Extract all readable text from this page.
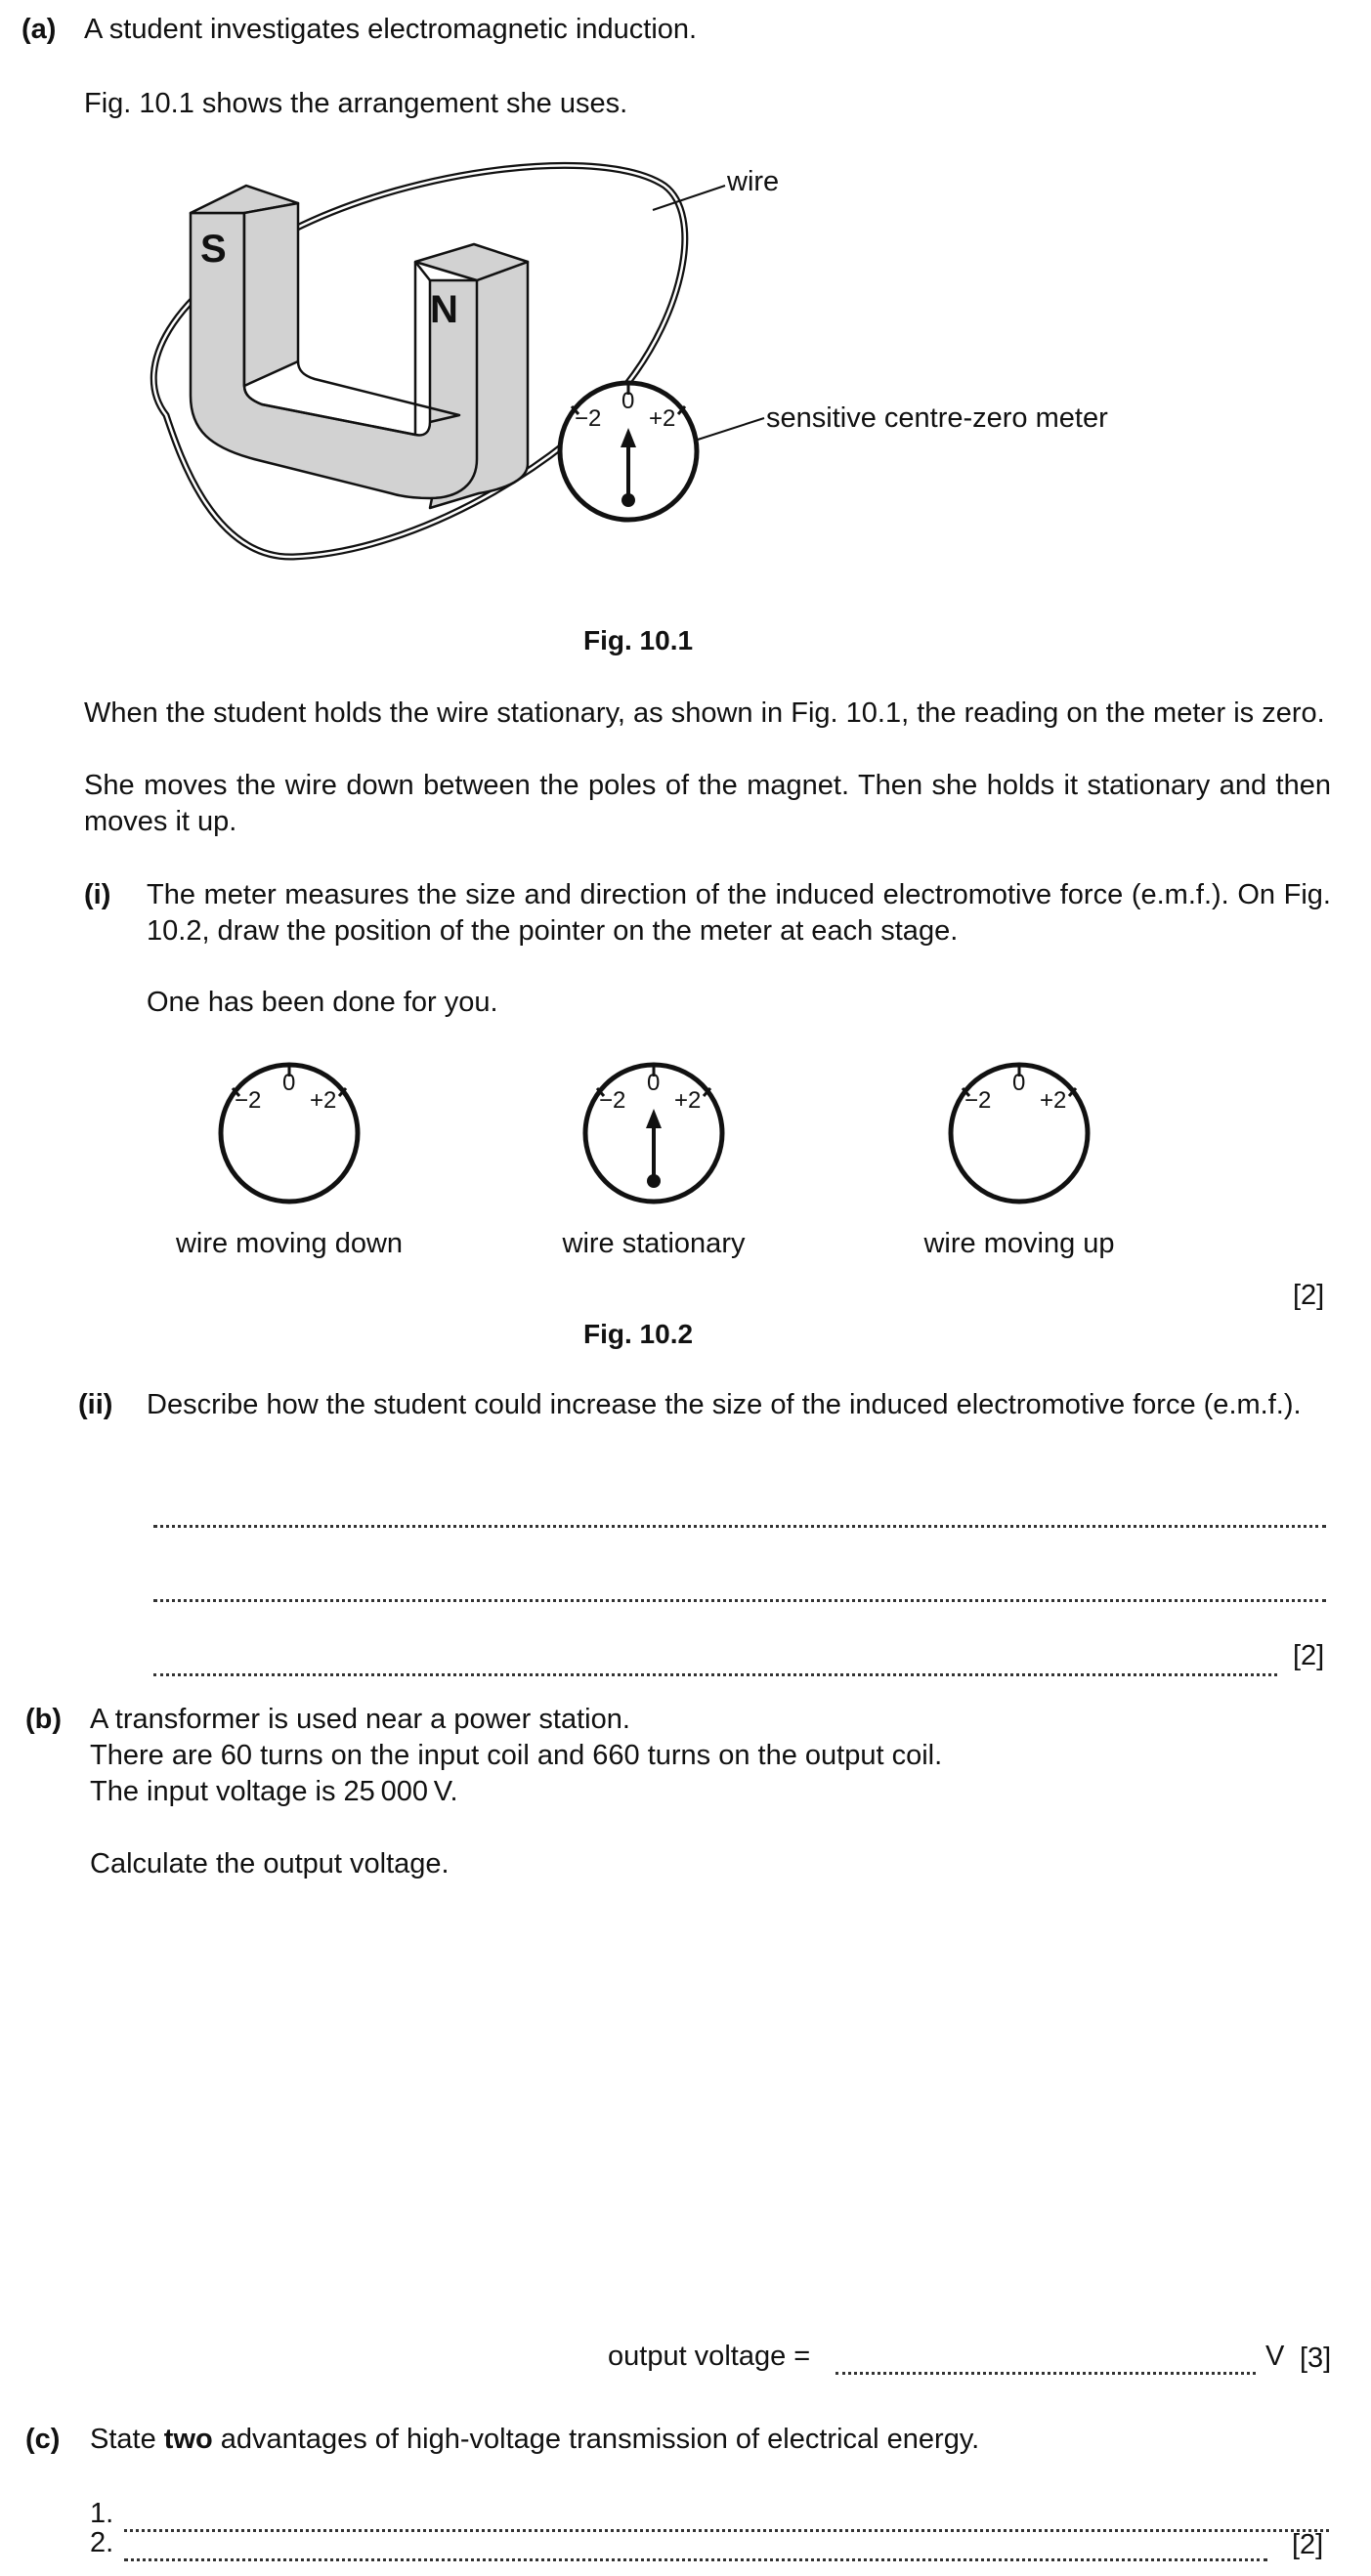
(a) A student investigates electromagnetic induction.
Fig. 10.1 shows the arrangement she uses.
S
N
−2
0
+2
wire
sensitive centre-zero meter
Fig. 10.1
When the student holds the wire stationary, as shown in Fig. 10.1, the reading on the meter is zero.
She moves the wire down between the poles of the magnet. Then she holds it stationary and then moves it up.
(i) The meter measures the size and direction of the induced electromotive force (e.m.f.). On Fig. 10.2, draw the position of the pointer on the meter at each stage.
One has been done for you.
−2
0
+2	−2
0
+2	−2
0
+2
wire moving down	wire stationary	wire moving up
[2]
Fig. 10.2
(ii) Describe how the student could increase the size of the induced electromotive force (e.m.f.).
[2]
(b) A transformer is used near a power station.
There are 60 turns on the input coil and 660 turns on the output coil.
The input voltage is 25 000 V.
Calculate the output voltage.
output voltage =	V [3]
(c) State two advantages of high-voltage transmission of electrical energy.
1.
2.	[2]
